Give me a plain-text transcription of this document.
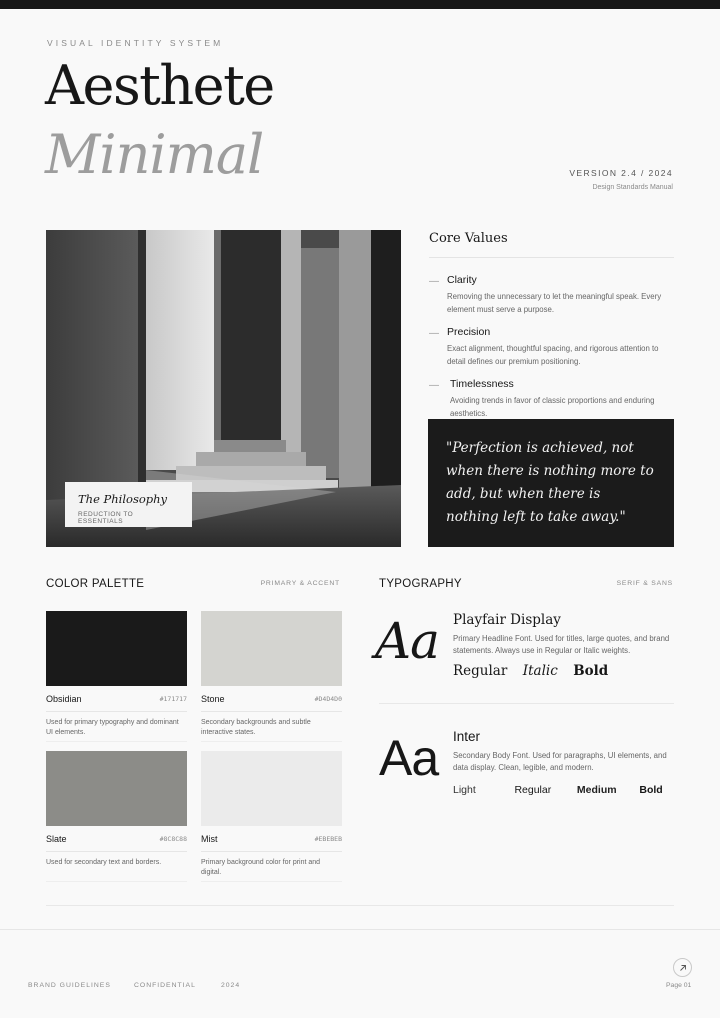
VISUAL IDENTITY SYSTEM
Aesthete
Minimal	VERSION 2.4 / 2024
Design Standards Manual
The Philosophy
REDUCTION TO ESSENTIALS
Core Values
— Clarity
Removing the unnecessary to let the meaningful speak. Every element must serve a purpose.
— Precision
Exact alignment, thoughtful spacing, and rigorous attention to detail defines our premium positioning.
— Timelessness
Avoiding trends in favor of classic proportions and enduring aesthetics.

"Perfection is achieved, not when there is nothing more to add, but when there is nothing left to take away."

COLOR PALETTE	PRIMARY & ACCENT
Obsidian	#171717
Used for primary typography and dominant UI elements.
Stone	#D4D4D0
Secondary backgrounds and subtle interactive states.
Slate	#8C8C88
Used for secondary text and borders.
Mist	#EBEBEB
Primary background color for print and digital.
TYPOGRAPHY	SERIF & SANS
Aa Playfair Display
Primary Headline Font. Used for titles, large quotes, and brand statements. Always use in Regular or Italic weights.
Regular Italic Bold
Aa Inter
Secondary Body Font. Used for paragraphs, UI elements, and data display. Clean, legible, and modern.
Light	Regular Medium Bold
BRAND GUIDELINES	CONFIDENTIAL	2024	Page 01
